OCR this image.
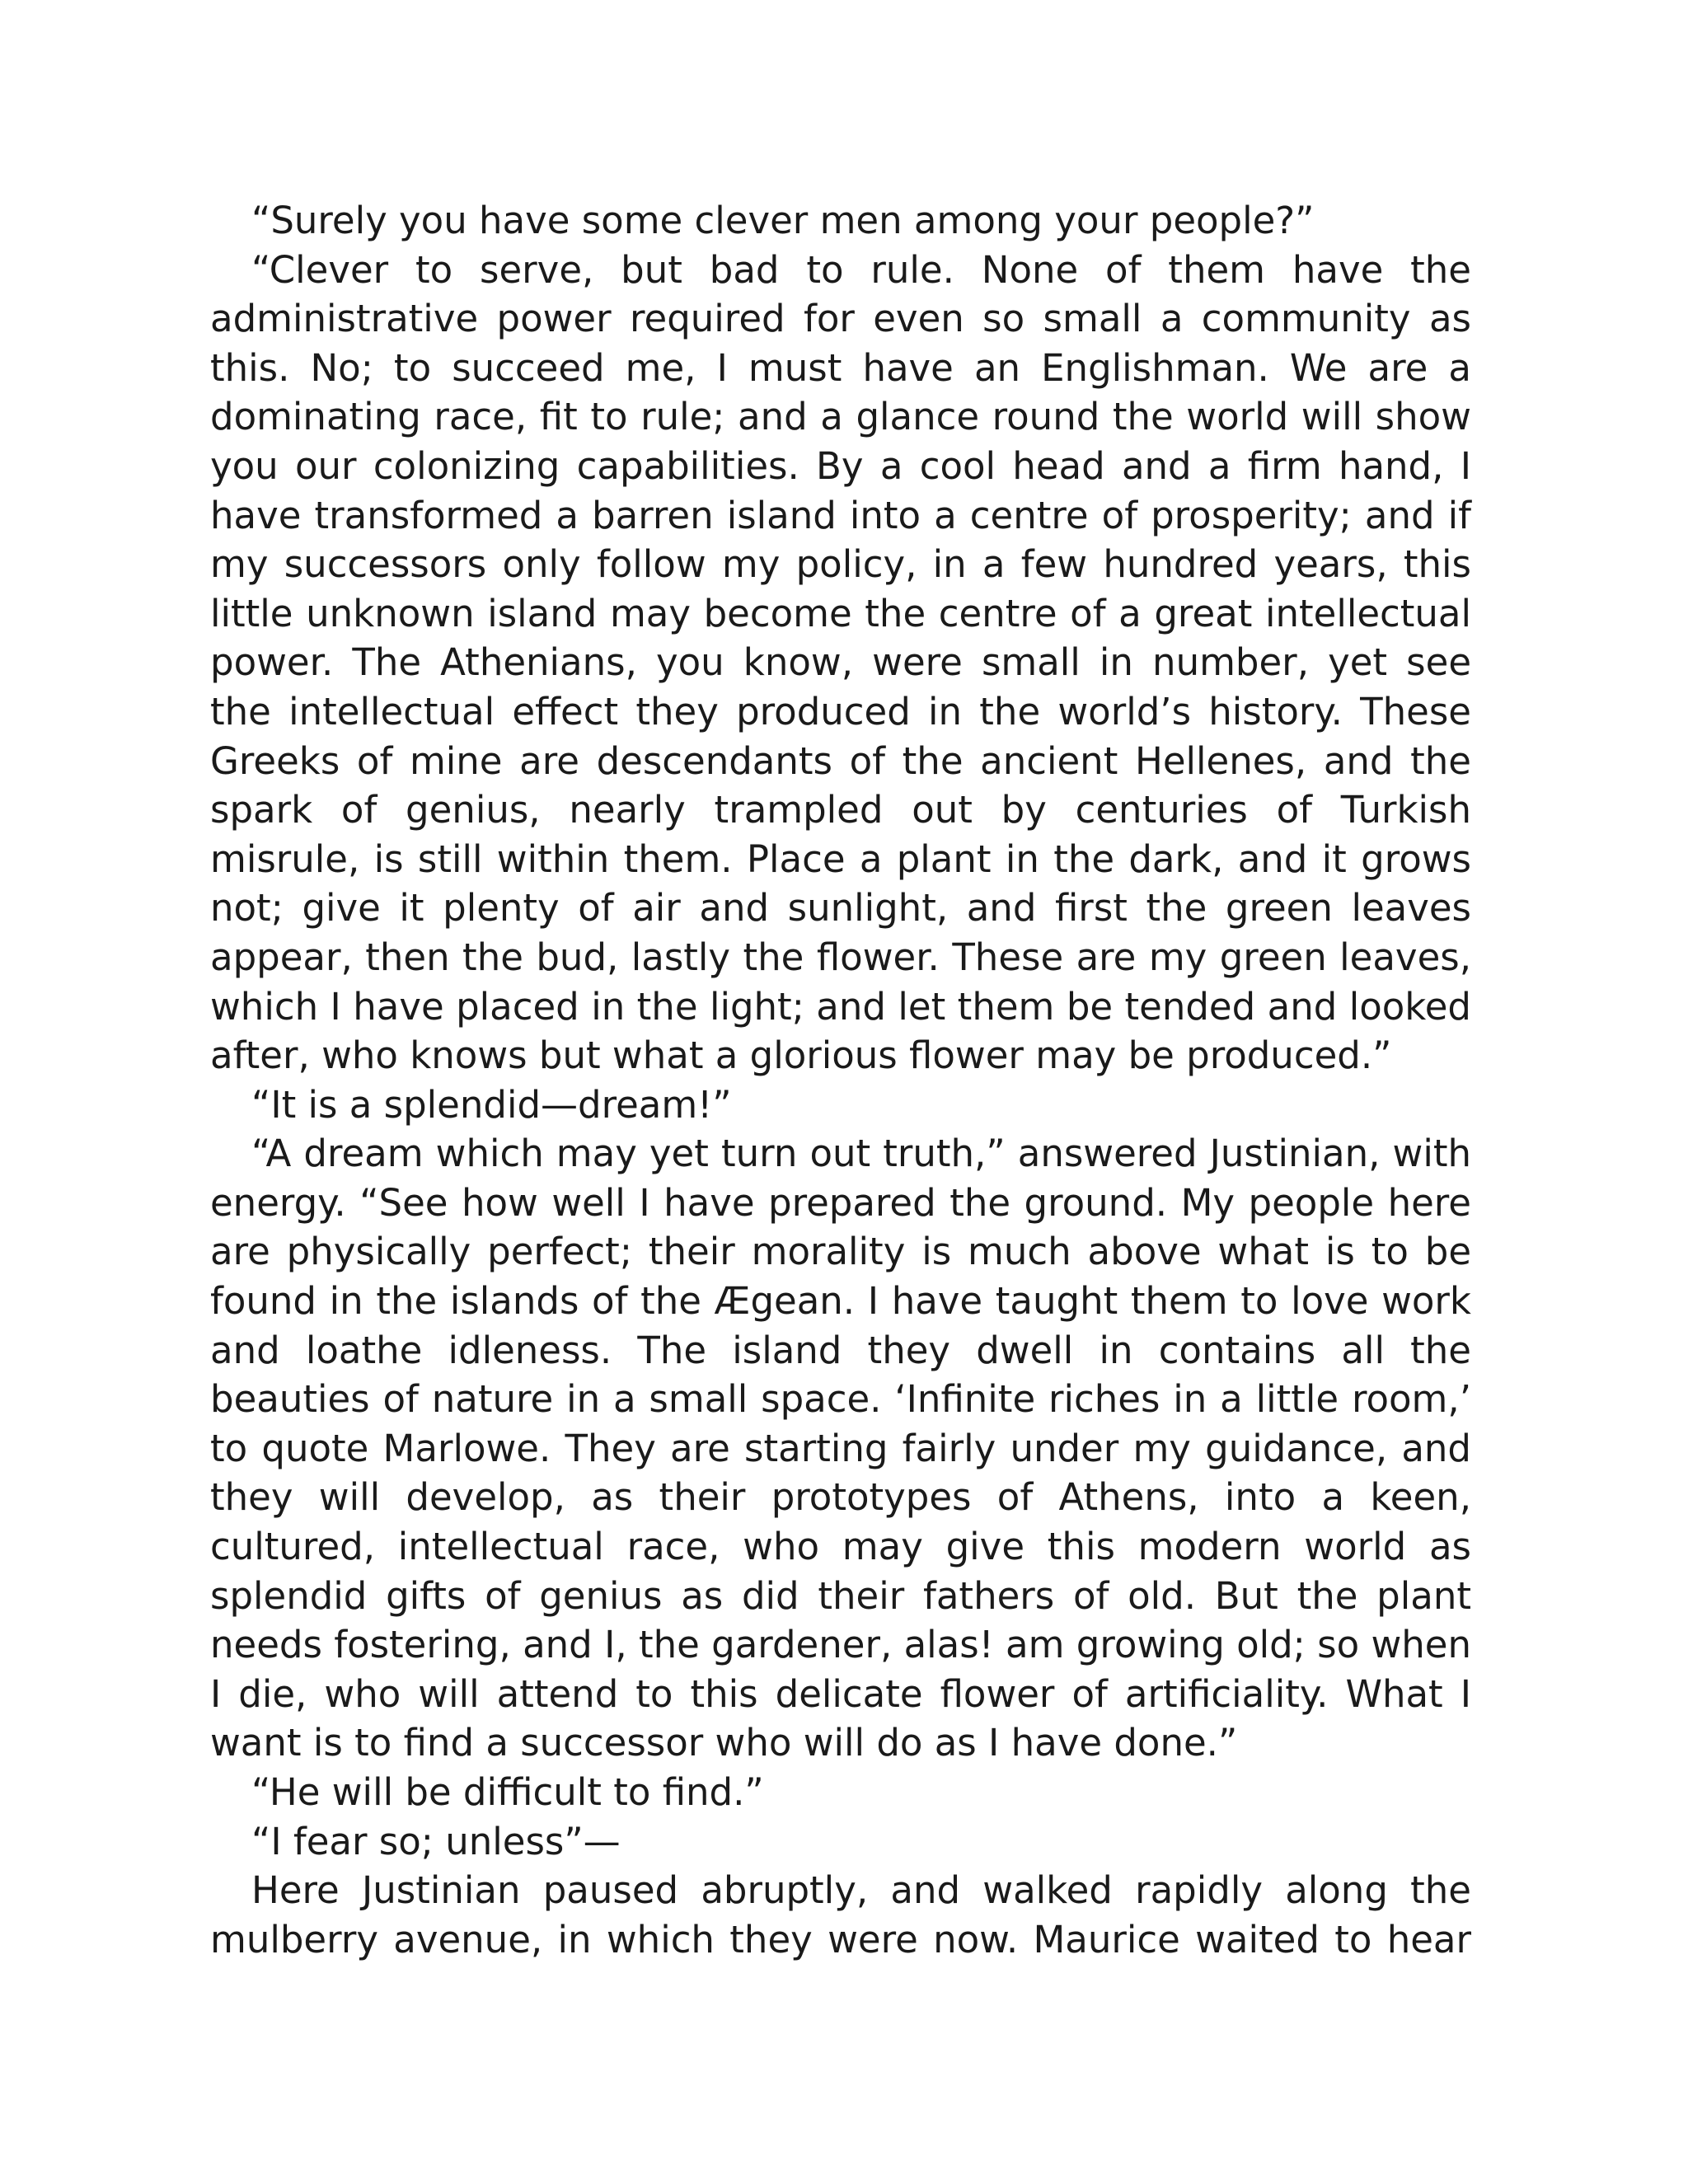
“Surely you have some clever men among your people?”

“Clever to serve, but bad to rule. None of them have the administrative power required for even so small a community as this. No; to succeed me, I must have an Englishman. We are a dominating race, fit to rule; and a glance round the world will show you our colonizing capabilities. By a cool head and a firm hand, I have transformed a barren island into a centre of prosperity; and if my successors only follow my policy, in a few hundred years, this little unknown island may become the centre of a great intellectual power. The Athenians, you know, were small in number, yet see the intellectual effect they produced in the world’s history. These Greeks of mine are descendants of the ancient Hellenes, and the spark of genius, nearly trampled out by centuries of Turkish misrule, is still within them. Place a plant in the dark, and it grows not; give it plenty of air and sunlight, and first the green leaves appear, then the bud, lastly the flower. These are my green leaves, which I have placed in the light; and let them be tended and looked after, who knows but what a glorious flower may be produced.”

“It is a splendid—dream!”

“A dream which may yet turn out truth,” answered Justinian, with energy. “See how well I have prepared the ground. My people here are physically perfect; their morality is much above what is to be found in the islands of the Ægean. I have taught them to love work and loathe idleness. The island they dwell in contains all the beauties of nature in a small space. ‘Infinite riches in a little room,’ to quote Marlowe. They are starting fairly under my guidance, and they will develop, as their prototypes of Athens, into a keen, cultured, intellectual race, who may give this modern world as splendid gifts of genius as did their fathers of old. But the plant needs fostering, and I, the gardener, alas! am growing old; so when I die, who will attend to this delicate flower of artificiality. What I want is to find a successor who will do as I have done.”

“He will be difficult to find.”

“I fear so; unless”—

Here Justinian paused abruptly, and walked rapidly along the mulberry avenue, in which they were now. Maurice waited to hear
